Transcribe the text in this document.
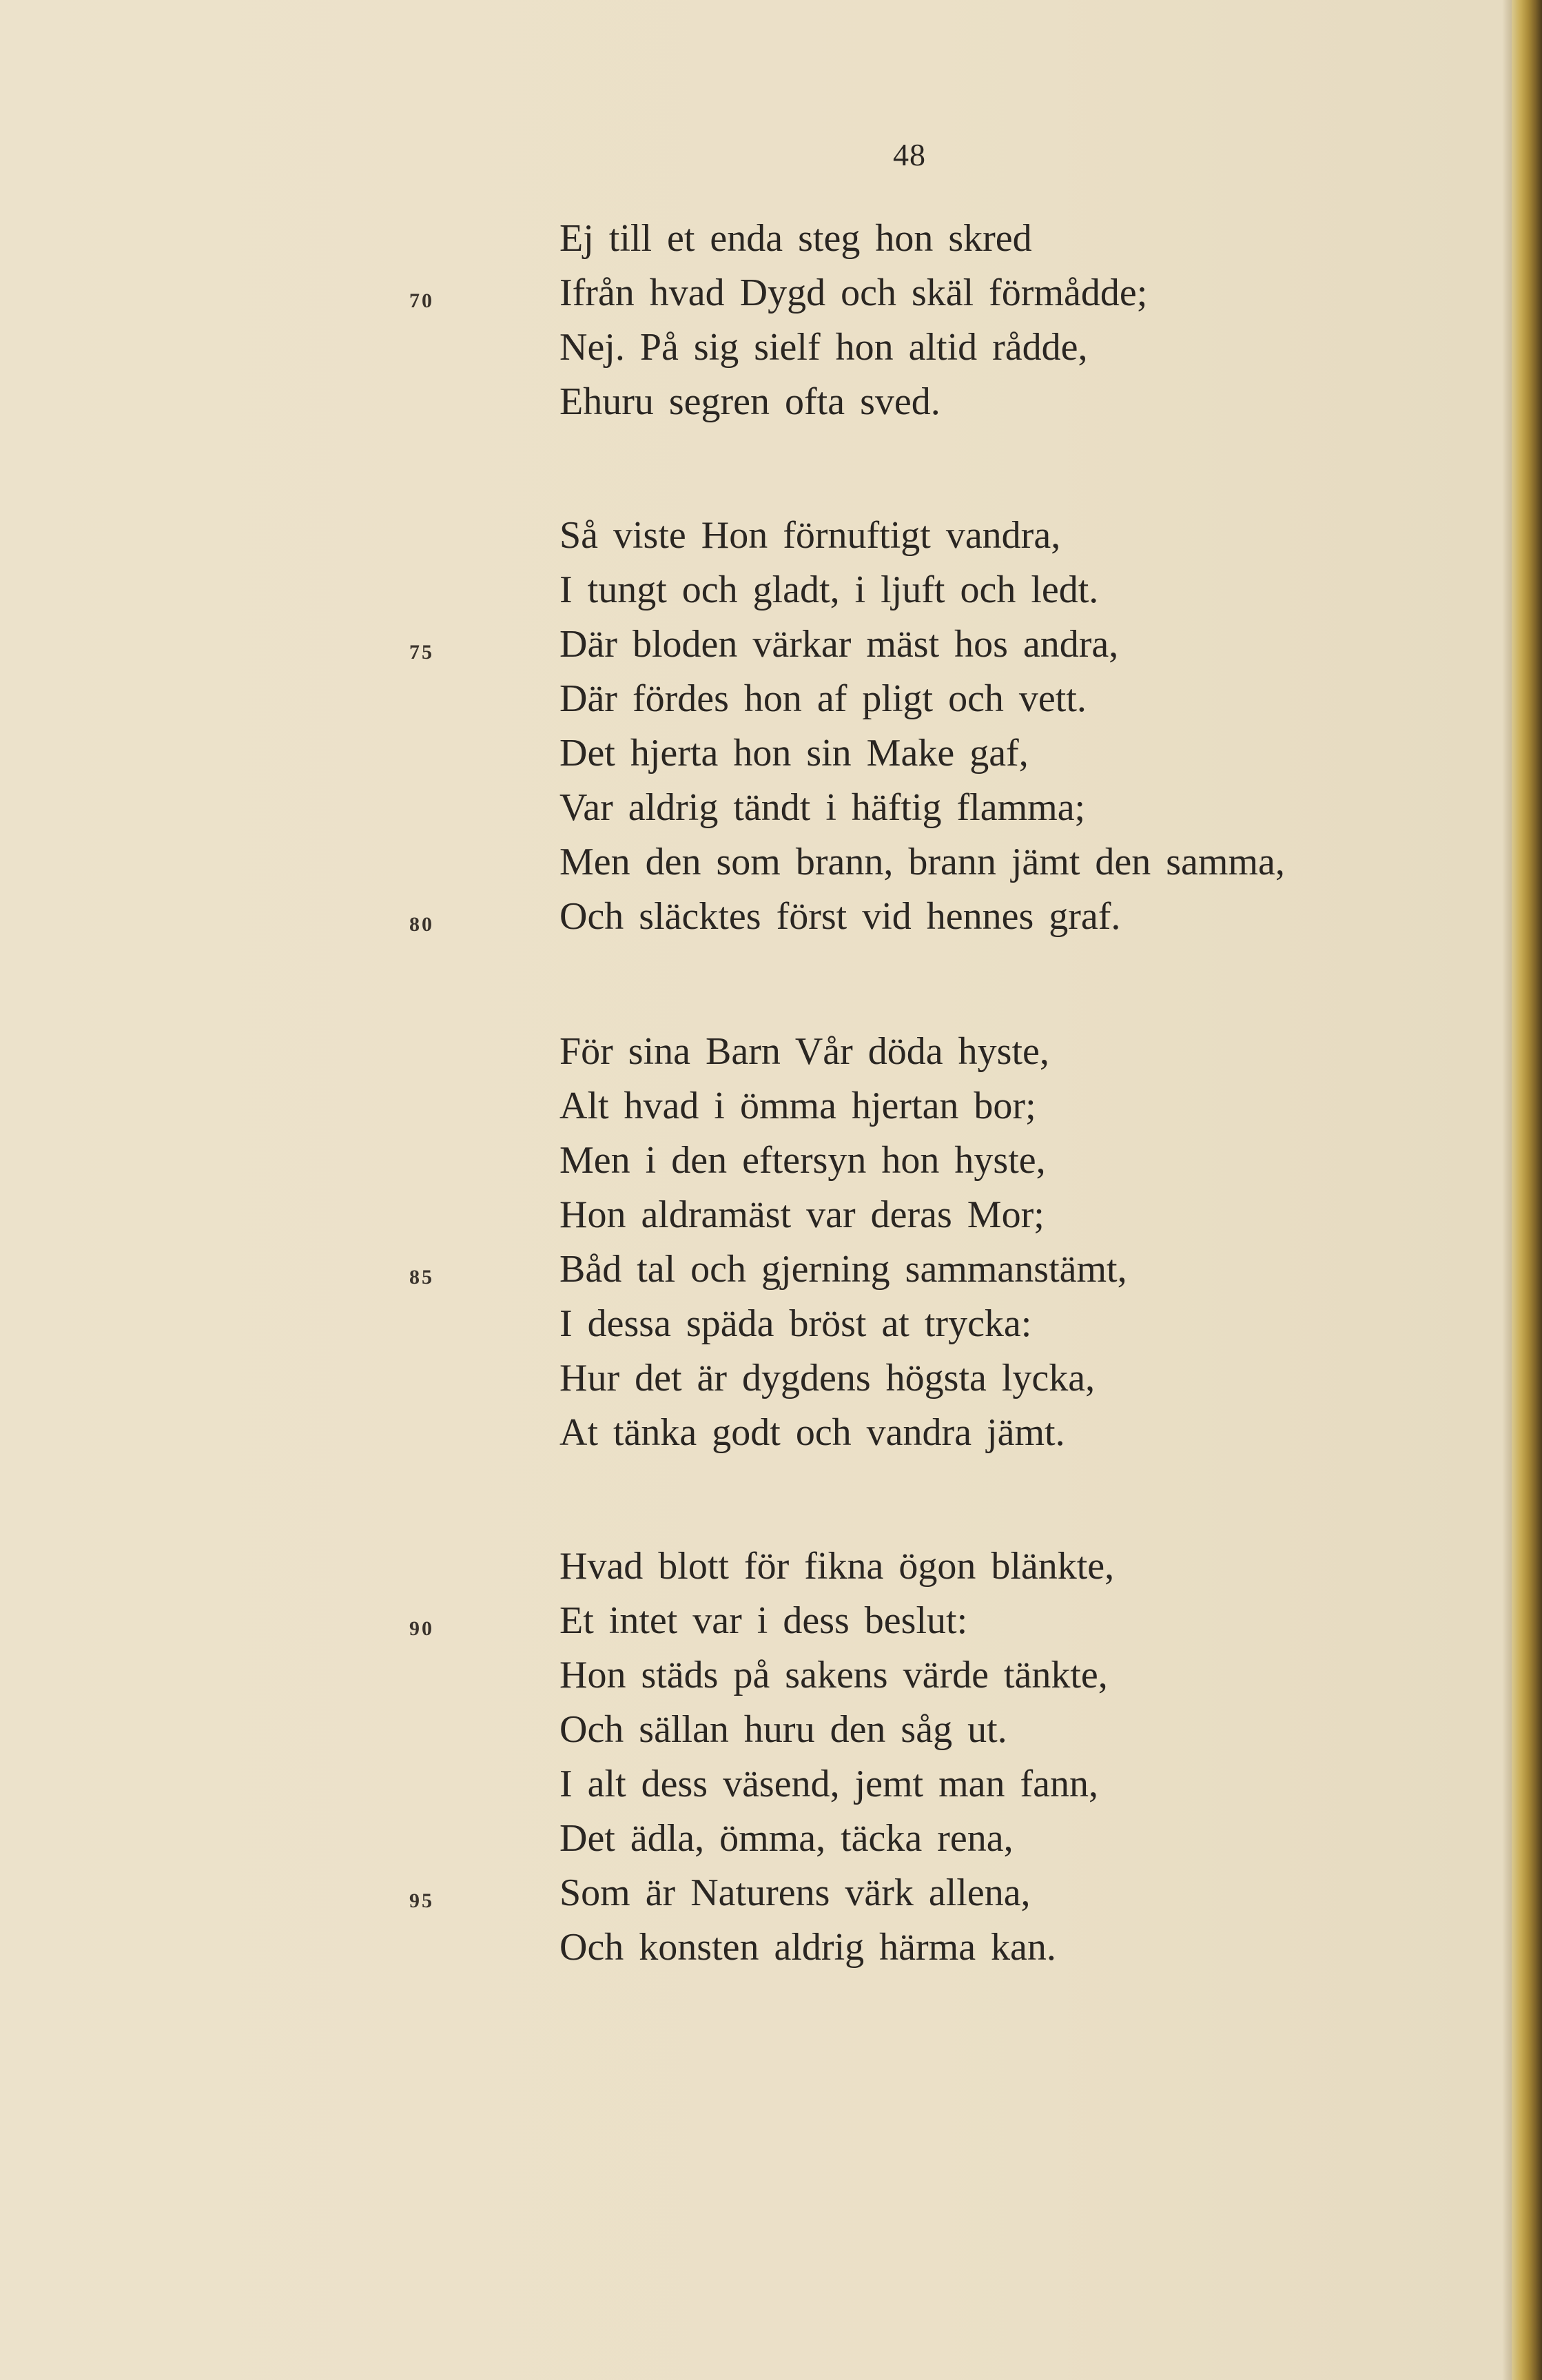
48
Ej till et enda steg hon skred
70	Ifrån hvad Dygd och skäl förmådde;
Nej. På sig sielf hon altid rådde,
Ehuru segren ofta sved.
Så viste Hon förnuftigt vandra,
I tungt och gladt, i ljuft och ledt.
75	Där bloden värkar mäst hos andra,
Där fördes hon af pligt och vett.
Det hjerta hon sin Make gaf,
Var aldrig tändt i häftig flamma;
Men den som brann, brann jämt den samma,
80	Och släcktes först vid hennes graf.
För sina Barn Vår döda hyste,
Alt hvad i ömma hjertan bor;
Men i den eftersyn hon hyste,
Hon aldramäst var deras Mor;
85	Båd tal och gjerning sammanstämt,
I dessa späda bröst at trycka:
Hur det är dygdens högsta lycka,
At tänka godt och vandra jämt.
Hvad blott för fikna ögon blänkte,
90	Et intet var i dess beslut:
Hon städs på sakens värde tänkte,
Och sällan huru den såg ut.
I alt dess väsend, jemt man fann,
Det ädla, ömma, täcka rena,
95	Som är Naturens värk allena,
Och konsten aldrig härma kan.
